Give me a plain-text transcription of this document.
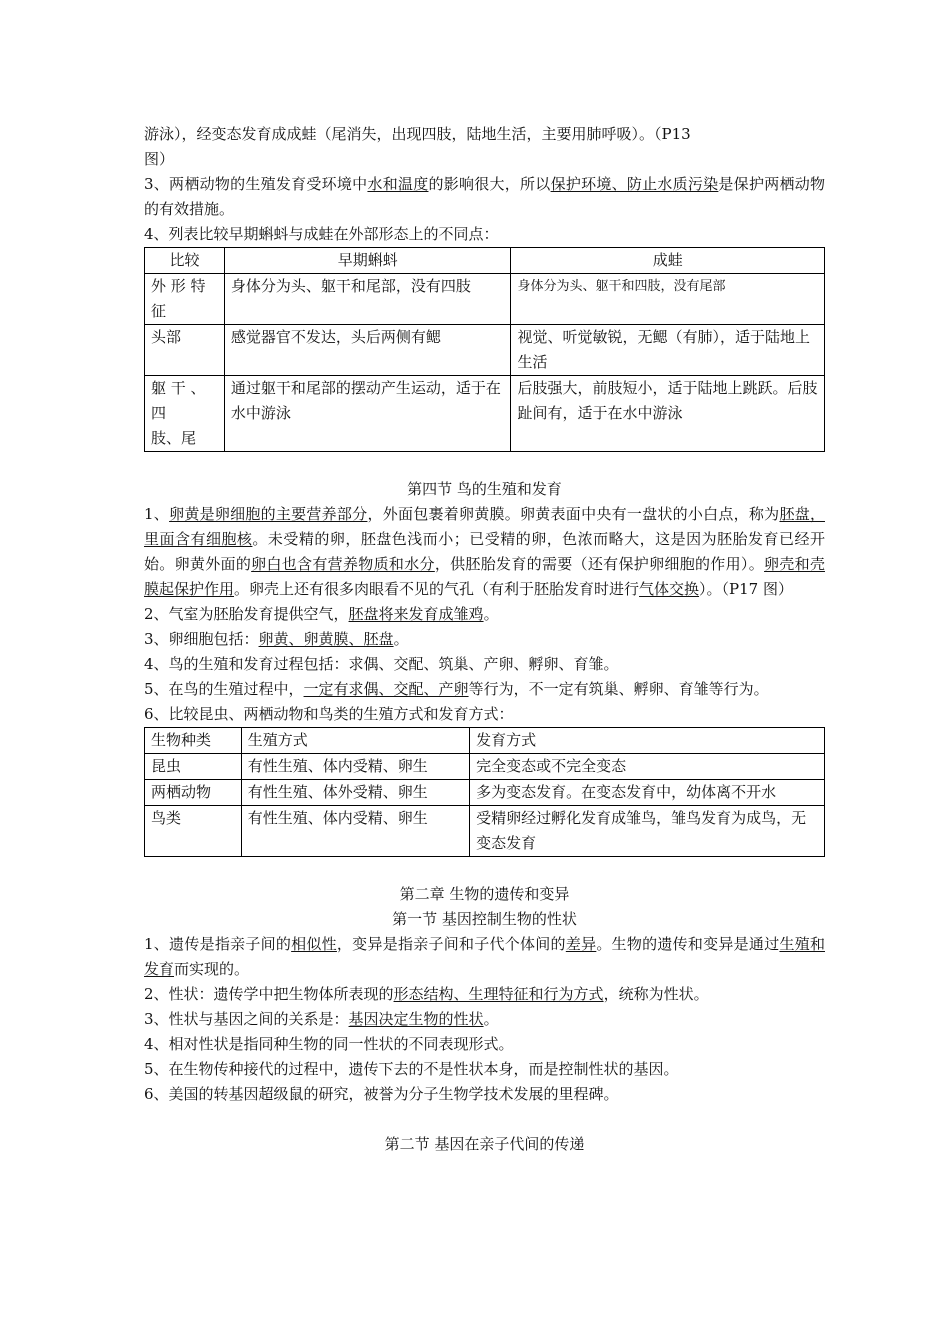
游泳），经变态发育成成蛙（尾消失，出现四肢，陆地生活，主要用肺呼吸）。（P13
图）

3、两栖动物的生殖发育受环境中水和温度的影响很大，所以保护环境、防止水质污染是保护两栖动物的有效措施。

4、列表比较早期蝌蚪与成蛙在外部形态上的不同点：

比较	早期蝌蚪	成蛙
外 形 特
征	身体分为头、躯干和尾部，没有四肢	身体分为头、躯干和四肢，没有尾部
头部	感觉器官不发达，头后两侧有鳃	视觉、听觉敏锐，无鳃（有肺），适于陆地上生活
躯 干 、
四
肢、尾	通过躯干和尾部的摆动产生运动，适于在水中游泳	后肢强大，前肢短小，适于陆地上跳跃。后肢趾间有，适于在水中游泳

第四节 鸟的生殖和发育

1、卵黄是卵细胞的主要营养部分，外面包裹着卵黄膜。卵黄表面中央有一盘状的小白点，称为胚盘，里面含有细胞核。未受精的卵，胚盘色浅而小；已受精的卵，色浓而略大，这是因为胚胎发育已经开始。卵黄外面的卵白也含有营养物质和水分，供胚胎发育的需要（还有保护卵细胞的作用）。卵壳和壳膜起保护作用。卵壳上还有很多肉眼看不见的气孔（有利于胚胎发育时进行气体交换）。（P17 图）

2、气室为胚胎发育提供空气，胚盘将来发育成雏鸡。

3、卵细胞包括：卵黄、卵黄膜、胚盘。

4、鸟的生殖和发育过程包括：求偶、交配、筑巢、产卵、孵卵、育雏。

5、在鸟的生殖过程中，一定有求偶、交配、产卵等行为，不一定有筑巢、孵卵、育雏等行为。

6、比较昆虫、两栖动物和鸟类的生殖方式和发育方式：

生物种类	生殖方式	发育方式
昆虫	有性生殖、体内受精、卵生	完全变态或不完全变态
两栖动物	有性生殖、体外受精、卵生	多为变态发育。在变态发育中，幼体离不开水
鸟类	有性生殖、体内受精、卵生	受精卵经过孵化发育成雏鸟，雏鸟发育为成鸟，无变态发育

第二章 生物的遗传和变异

第一节 基因控制生物的性状

1、遗传是指亲子间的相似性，变异是指亲子间和子代个体间的差异。生物的遗传和变异是通过生殖和发育而实现的。

2、性状：遗传学中把生物体所表现的形态结构、生理特征和行为方式，统称为性状。

3、性状与基因之间的关系是：基因决定生物的性状。

4、相对性状是指同种生物的同一性状的不同表现形式。

5、在生物传种接代的过程中，遗传下去的不是性状本身，而是控制性状的基因。

6、美国的转基因超级鼠的研究，被誉为分子生物学技术发展的里程碑。

第二节 基因在亲子代间的传递
